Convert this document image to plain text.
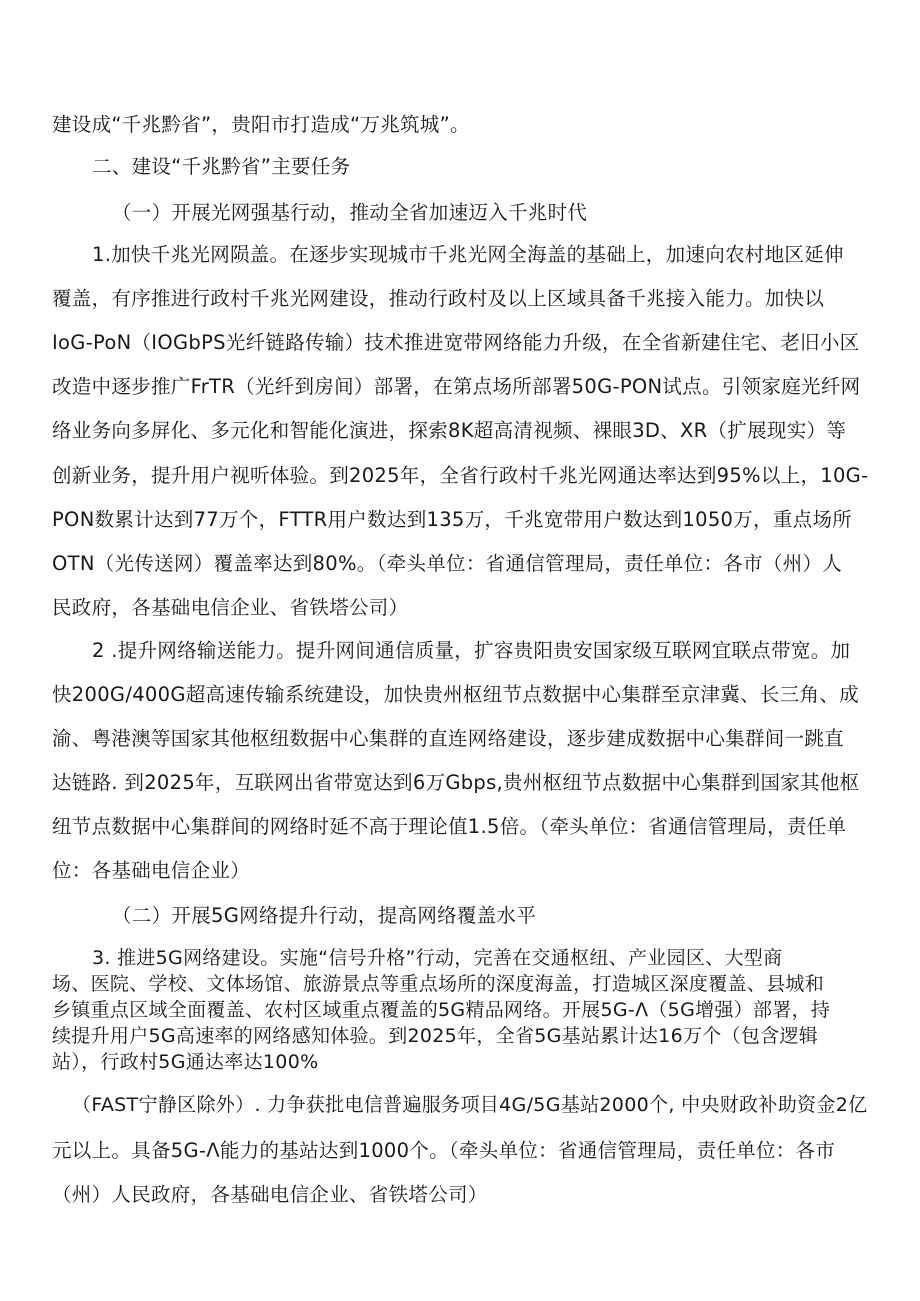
建设成“千兆黔省”，贵阳市打造成“万兆筑城”。
二、建设“千兆黔省”主要任务
（一）开展光网强基行动，推动全省加速迈入千兆时代
1.加快千兆光网陨盖。在逐步实现城市千兆光网全海盖的基础上，加速向农村地区延伸
覆盖，有序推进行政村千兆光网建设，推动行政村及以上区域具备千兆接入能力。加快以
IoG-PoN（IOGbPS光纤链路传输）技术推进宽带网络能力升级，在全省新建住宅、老旧小区
改造中逐步推广FrTR（光纤到房间）部署，在第点场所部署50G-PON试点。引领家庭光纤网
络业务向多屏化、多元化和智能化演进，探索8K超高清视频、裸眼3D、XR（扩展现实）等
创新业务，提升用户视听体验。到2025年，全省行政村千兆光网通达率达到95%以上，10G-
PON数累计达到77万个，FTTR用户数达到135万，千兆宽带用户数达到1050万，重点场所
OTN（光传送网）覆盖率达到80%。（牵头单位：省通信管理局，责任单位：各市（州）人
民政府，各基础电信企业、省铁塔公司）
2 .提升网络输送能力。提升网间通信质量，扩容贵阳贵安国家级互联网宜联点带宽。加
快200G/400G超高速传输系统建设，加快贵州枢纽节点数据中心集群至京津冀、长三角、成
渝、粤港澳等国家其他枢纽数据中心集群的直连网络建设，逐步建成数据中心集群间一跳直
达链路. 到2025年，互联网出省带宽达到6万Gbps,贵州枢纽节点数据中心集群到国家其他枢
纽节点数据中心集群间的网络时延不高于理论值1.5倍。（牵头单位：省通信管理局，责任单
位：各基础电信企业）
（二）开展5G网络提升行动，提高网络覆盖水平
3. 推进5G网络建设。实施“信号升格”行动，完善在交通枢纽、产业园区、大型商
场、医院、学校、文体场馆、旅游景点等重点场所的深度海盖，打造城区深度覆盖、县城和
乡镇重点区域全面覆盖、农村区域重点覆盖的5G精品网络。开展5G-Λ（5G增强）部署，持
续提升用户5G高速率的网络感知体验。到2025年，全省5G基站累计达16万个（包含逻辑
站），行政村5G通达率达100%
（FAST宁静区除外）. 力争获批电信普遍服务项目4G/5G基站2000个, 中央财政补助资金2亿
元以上。具备5G-Λ能力的基站达到1000个。（牵头单位：省通信管理局，责任单位：各市
（州）人民政府，各基础电信企业、省铁塔公司）
